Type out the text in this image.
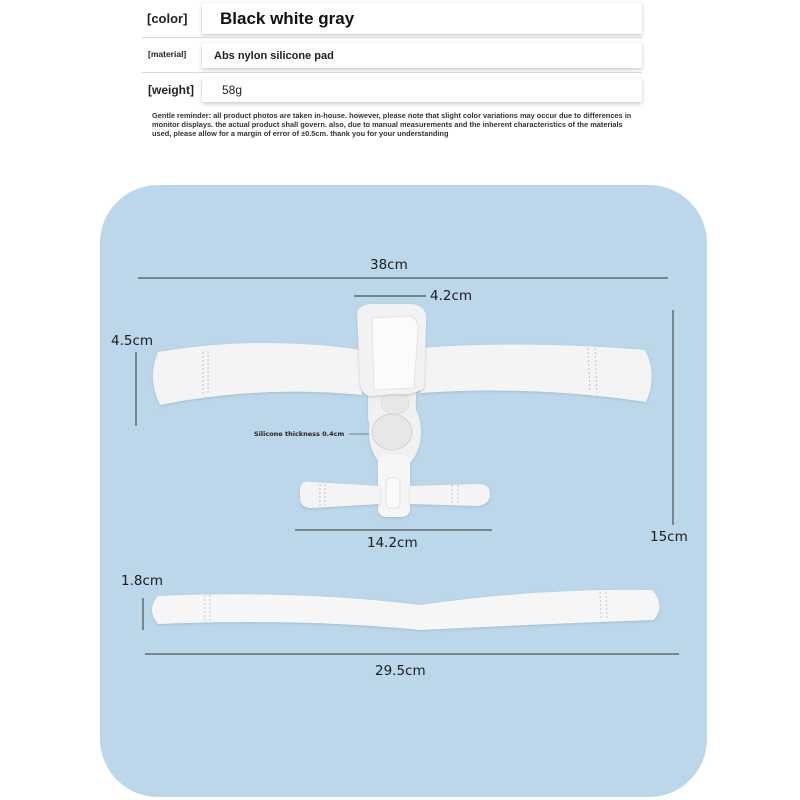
[color] Black white gray
[material]	Abs nylon silicone pad
[weight] 58g
Gentle reminder: all product photos are taken in-house. however, please note that slight color variations may occur due to differences in monitor displays. the actual product shall govern. also, due to manual measurements and the inherent characteristics of the materials used, please allow for a margin of error of ±0.5cm. thank you for your understanding
38cm
4.2cm
4.5cm
Silicone thickness 0.4cm
14.2cm	15cm
1.8cm
29.5cm
